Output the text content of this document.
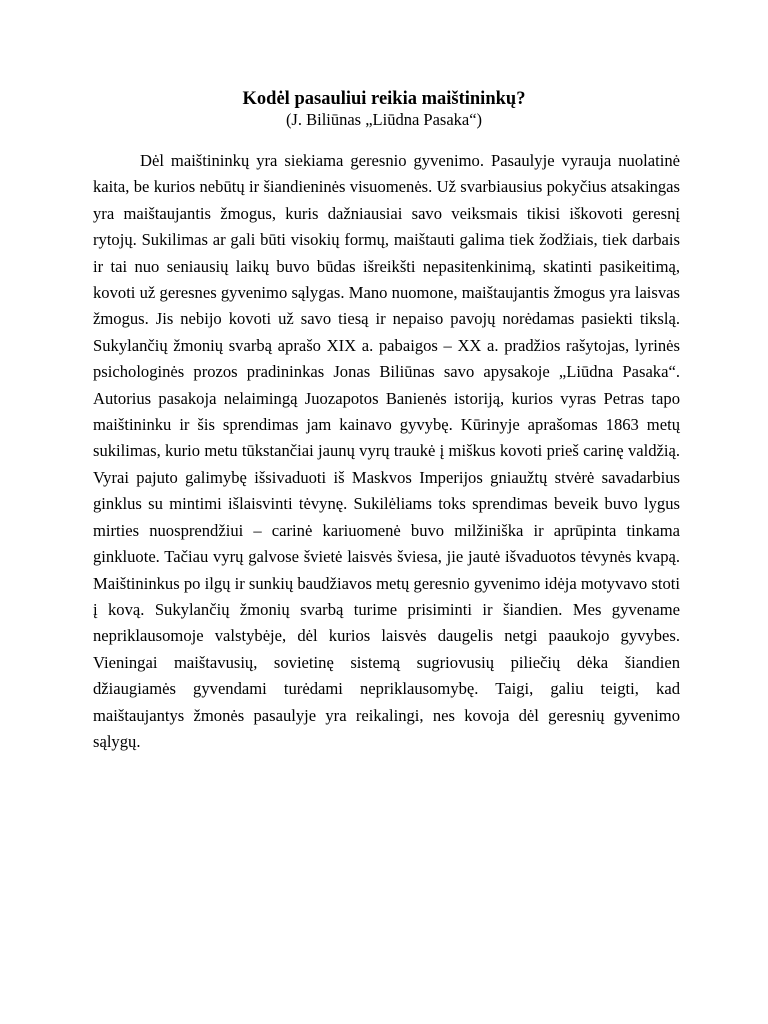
Kodėl pasauliui reikia maištininkų?

(J. Biliūnas „Liūdna Pasaka“)

Dėl maištininkų yra siekiama geresnio gyvenimo. Pasaulyje vyrauja nuolatinė kaita, be kurios nebūtų ir šiandieninės visuomenės. Už svarbiausius pokyčius atsakingas yra maištaujantis žmogus, kuris dažniausiai savo veiksmais tikisi iškovoti geresnį rytojų. Sukilimas ar gali būti visokių formų, maištauti galima tiek žodžiais, tiek darbais ir tai nuo seniausių laikų buvo būdas išreikšti nepasitenkinimą, skatinti pasikeitimą, kovoti už geresnes gyvenimo sąlygas. Mano nuomone, maištaujantis žmogus yra laisvas žmogus. Jis nebijo kovoti už savo tiesą ir nepaiso pavojų norėdamas pasiekti tikslą. Sukylančių žmonių svarbą aprašo XIX a. pabaigos – XX a. pradžios rašytojas, lyrinės psichologinės prozos pradininkas Jonas Biliūnas savo apysakoje „Liūdna Pasaka“. Autorius pasakoja nelaimingą Juozapotos Banienės istoriją, kurios vyras Petras tapo maištininku ir šis sprendimas jam kainavo gyvybę. Kūrinyje aprašomas 1863 metų sukilimas, kurio metu tūkstančiai jaunų vyrų traukė į miškus kovoti prieš carinę valdžią. Vyrai pajuto galimybę išsivaduoti iš Maskvos Imperijos gniaužtų stvėrė savadarbius ginklus su mintimi išlaisvinti tėvynę. Sukilėliams toks sprendimas beveik buvo lygus mirties nuosprendžiui – carinė kariuomenė buvo milžiniška ir aprūpinta tinkama ginkluote. Tačiau vyrų galvose švietė laisvės šviesa, jie jautė išvaduotos tėvynės kvapą. Maištininkus po ilgų ir sunkių baudžiavos metų geresnio gyvenimo idėja motyvavo stoti į kovą. Sukylančių žmonių svarbą turime prisiminti ir šiandien. Mes gyvename nepriklausomoje valstybėje, dėl kurios laisvės daugelis netgi paaukojo gyvybes. Vieningai maištavusių, sovietinę sistemą sugriovusių piliečių dėka šiandien džiaugiamės gyvendami turėdami nepriklausomybę. Taigi, galiu teigti, kad maištaujantys žmonės pasaulyje yra reikalingi, nes kovoja dėl geresnių gyvenimo sąlygų.
